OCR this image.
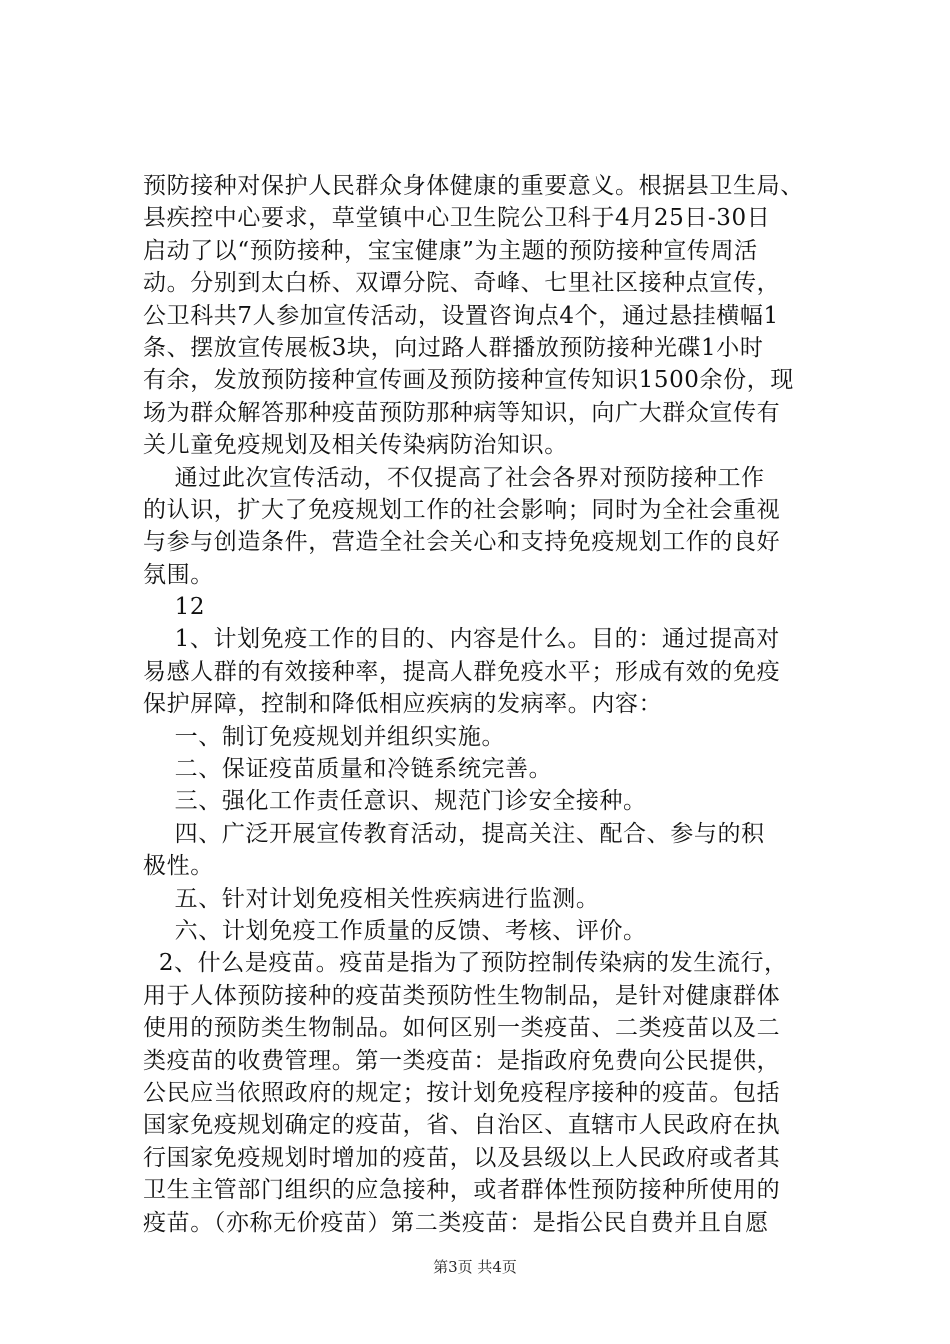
预防接种对保护人民群众身体健康的重要意义。根据县卫生局、
县疾控中心要求，草堂镇中心卫生院公卫科于4月25日-30日
启动了以“预防接种，宝宝健康”为主题的预防接种宣传周活
动。分别到太白桥、双谭分院、奇峰、七里社区接种点宣传，
公卫科共7人参加宣传活动，设置咨询点4个，通过悬挂横幅1
条、摆放宣传展板3块，向过路人群播放预防接种光碟1小时
有余，发放预防接种宣传画及预防接种宣传知识1500余份，现
场为群众解答那种疫苗预防那种病等知识，向广大群众宣传有
关儿童免疫规划及相关传染病防治知识。
通过此次宣传活动，不仅提高了社会各界对预防接种工作
的认识，扩大了免疫规划工作的社会影响；同时为全社会重视
与参与创造条件，营造全社会关心和支持免疫规划工作的良好
氛围。
12
1、计划免疫工作的目的、内容是什么。目的：通过提高对
易感人群的有效接种率，提高人群免疫水平；形成有效的免疫
保护屏障，控制和降低相应疾病的发病率。内容：
一、制订免疫规划并组织实施。
二、保证疫苗质量和冷链系统完善。
三、强化工作责任意识、规范门诊安全接种。
四、广泛开展宣传教育活动，提高关注、配合、参与的积
极性。
五、针对计划免疫相关性疾病进行监测。
六、计划免疫工作质量的反馈、考核、评价。
2、什么是疫苗。疫苗是指为了预防控制传染病的发生流行，
用于人体预防接种的疫苗类预防性生物制品，是针对健康群体
使用的预防类生物制品。如何区别一类疫苗、二类疫苗以及二
类疫苗的收费管理。第一类疫苗：是指政府免费向公民提供，
公民应当依照政府的规定；按计划免疫程序接种的疫苗。包括
国家免疫规划确定的疫苗，省、自治区、直辖市人民政府在执
行国家免疫规划时增加的疫苗，以及县级以上人民政府或者其
卫生主管部门组织的应急接种，或者群体性预防接种所使用的
疫苗。（亦称无价疫苗）第二类疫苗：是指公民自费并且自愿
第3页 共4页
